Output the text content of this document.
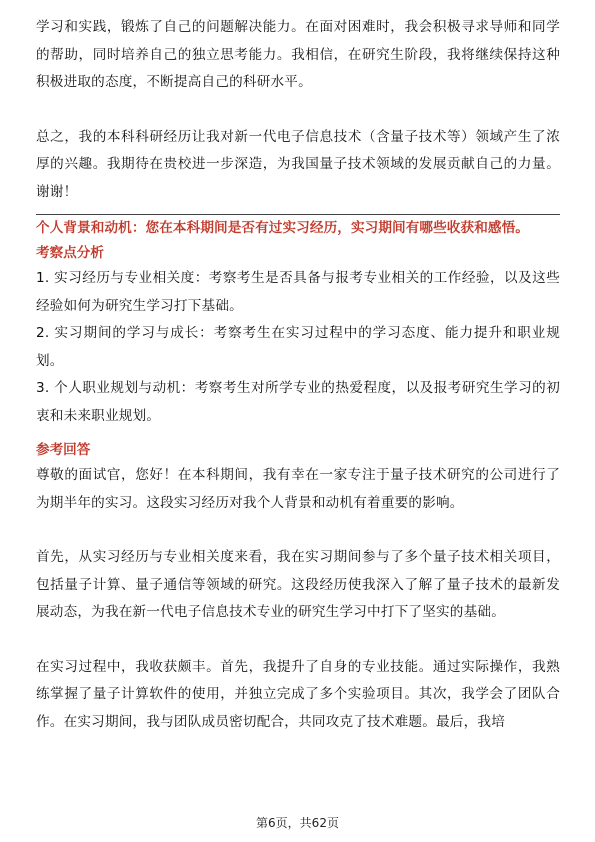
学习和实践，锻炼了自己的问题解决能力。在面对困难时，我会积极寻求导师和同学的帮助，同时培养自己的独立思考能力。我相信，在研究生阶段，我将继续保持这种积极进取的态度，不断提高自己的科研水平。

总之，我的本科科研经历让我对新一代电子信息技术（含量子技术等）领域产生了浓厚的兴趣。我期待在贵校进一步深造，为我国量子技术领域的发展贡献自己的力量。谢谢！

个人背景和动机：您在本科期间是否有过实习经历，实习期间有哪些收获和感悟。

考察点分析

1. 实习经历与专业相关度：考察考生是否具备与报考专业相关的工作经验，以及这些经验如何为研究生学习打下基础。

2. 实习期间的学习与成长：考察考生在实习过程中的学习态度、能力提升和职业规划。

3. 个人职业规划与动机：考察考生对所学专业的热爱程度，以及报考研究生学习的初衷和未来职业规划。

参考回答

尊敬的面试官，您好！在本科期间，我有幸在一家专注于量子技术研究的公司进行了为期半年的实习。这段实习经历对我个人背景和动机有着重要的影响。

首先，从实习经历与专业相关度来看，我在实习期间参与了多个量子技术相关项目，包括量子计算、量子通信等领域的研究。这段经历使我深入了解了量子技术的最新发展动态，为我在新一代电子信息技术专业的研究生学习中打下了坚实的基础。

在实习过程中，我收获颇丰。首先，我提升了自身的专业技能。通过实际操作，我熟练掌握了量子计算软件的使用，并独立完成了多个实验项目。其次，我学会了团队合作。在实习期间，我与团队成员密切配合，共同攻克了技术难题。最后，我培

第6页，共62页
